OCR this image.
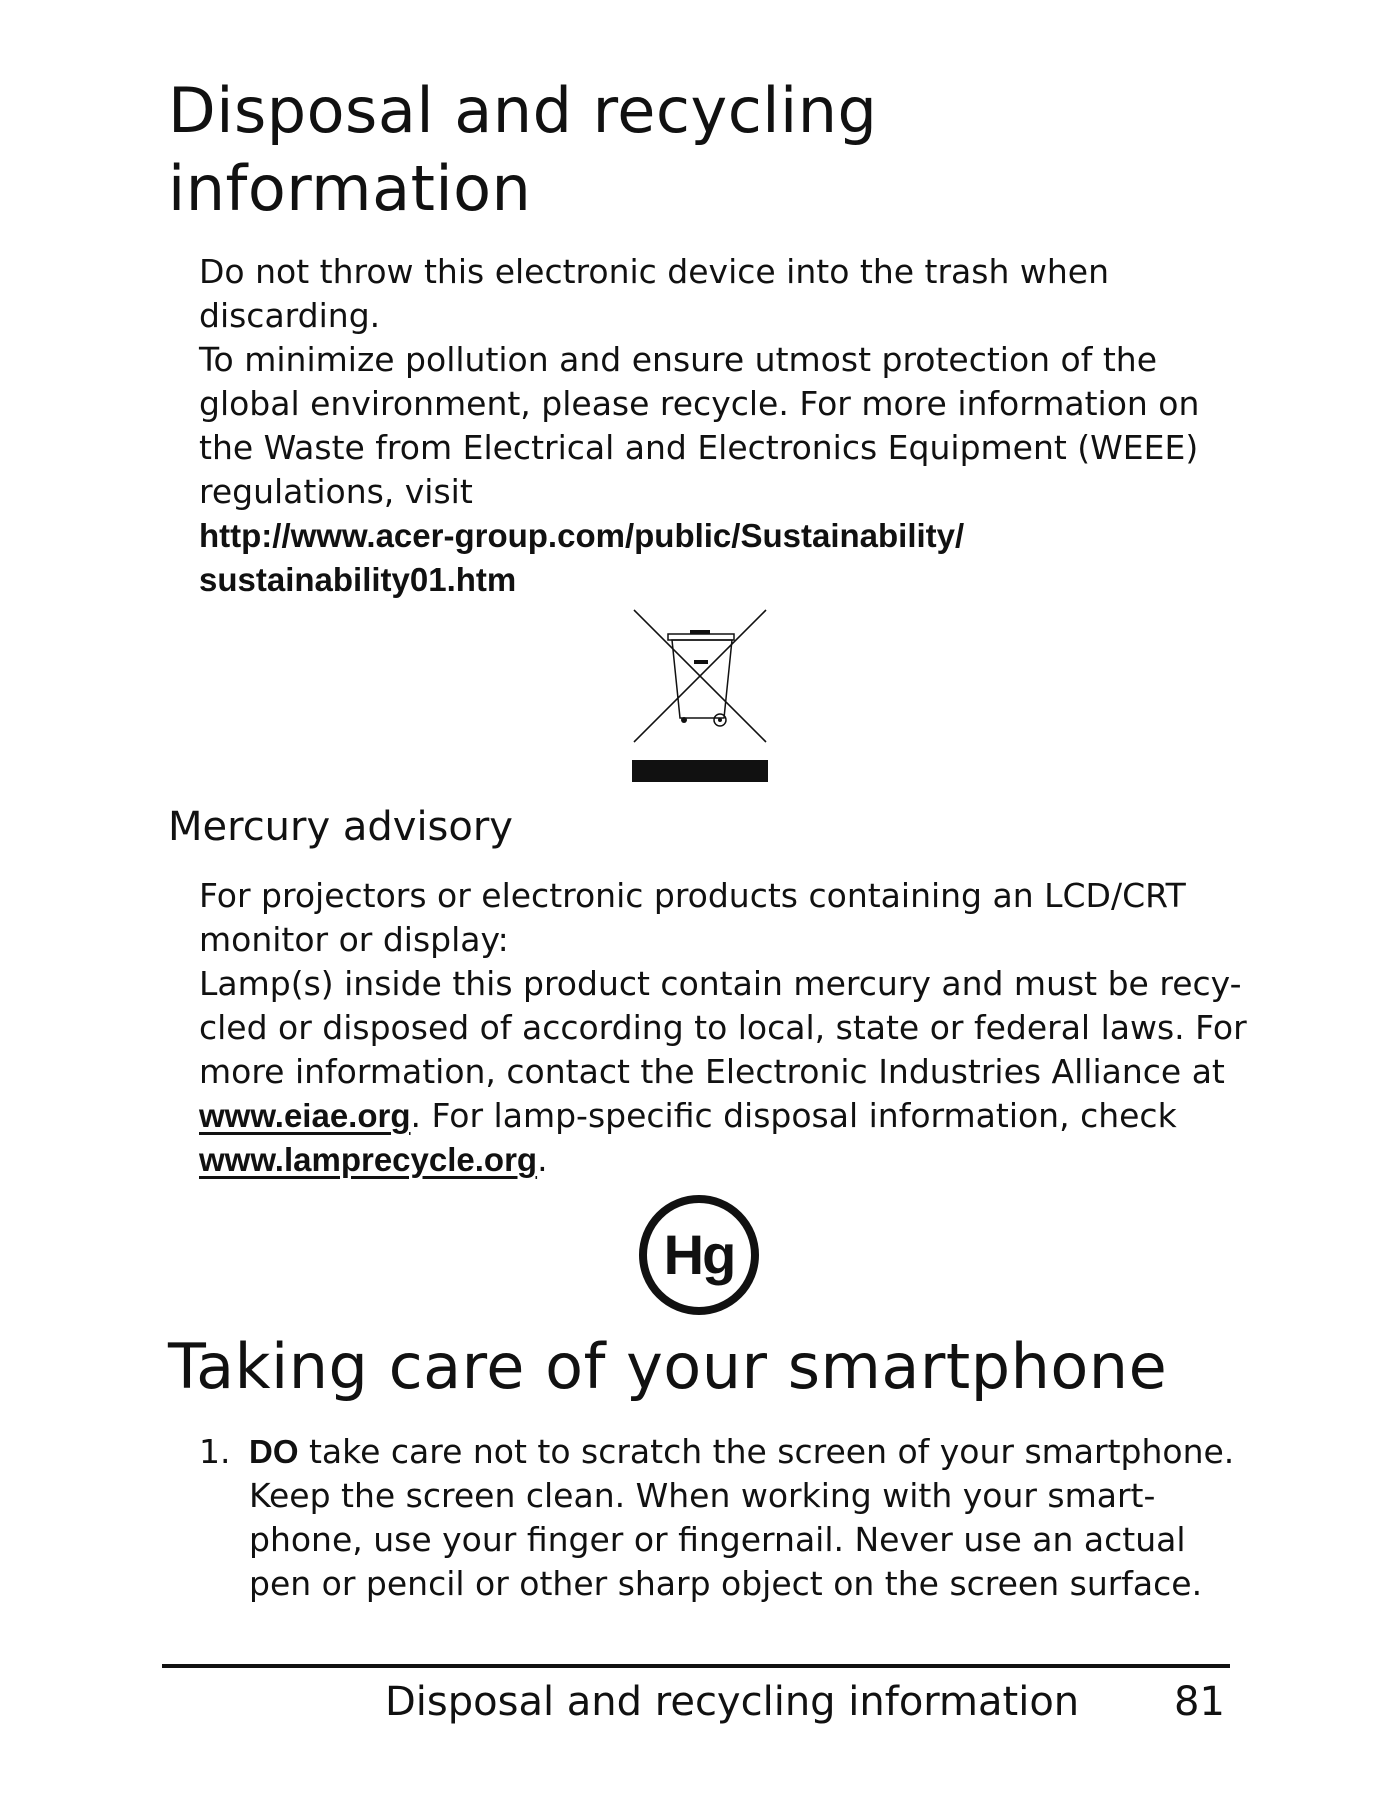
Disposal and recycling
information
Do not throw this electronic device into the trash when
discarding.
To minimize pollution and ensure utmost protection of the
global environment, please recycle. For more information on
the Waste from Electrical and Electronics Equipment (WEEE)
regulations, visit
http://www.acer-group.com/public/Sustainability/
sustainability01.htm
Mercury advisory
For projectors or electronic products containing an LCD/CRT
monitor or display:
Lamp(s) inside this product contain mercury and must be recy-
cled or disposed of according to local, state or federal laws. For
more information, contact the Electronic Industries Alliance at
www.eiae.org. For lamp-specific disposal information, check
www.lamprecycle.org.
Hg
Taking care of your smartphone
1. DO take care not to scratch the screen of your smartphone.
Keep the screen clean. When working with your smart-
phone, use your finger or fingernail. Never use an actual
pen or pencil or other sharp object on the screen surface.
Disposal and recycling information 81
